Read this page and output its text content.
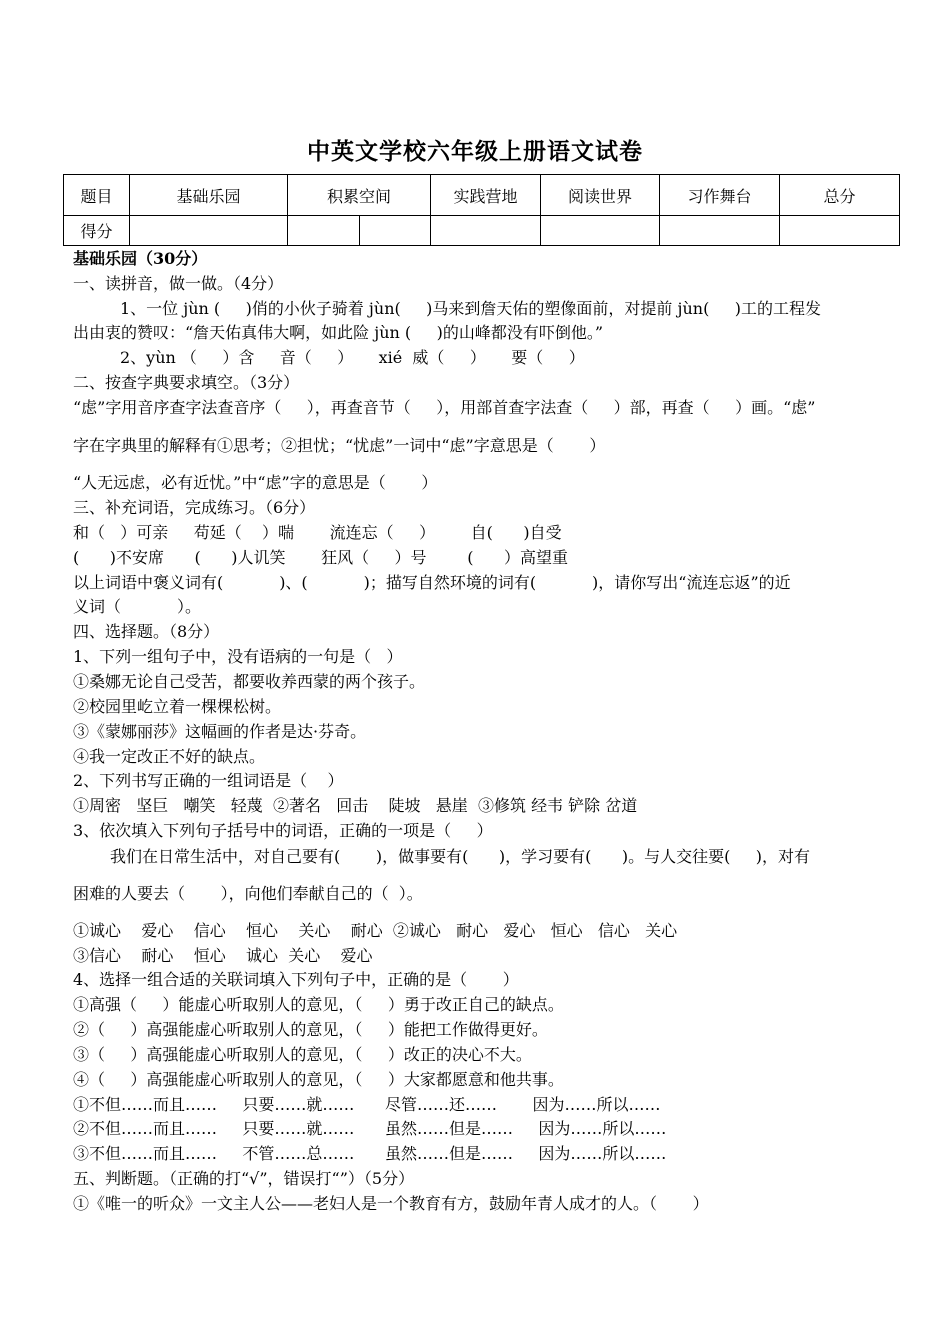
中英文学校六年级上册语文试卷
题目	基础乐园	积累空间		实践营地	阅读世界	习作舞台	总分
得分							
基础乐园（30分）
一、读拼音，做一做。（4分）
1、一位 jùn (     )俏的小伙子骑着 jùn(     )马来到詹天佑的塑像面前，对提前 jùn(     )工的工程发
出由衷的赞叹：“詹天佑真伟大啊，如此险 jùn (     )的山峰都没有吓倒他。”
2、yùn （     ）含     音（     ）     xié  威（     ）     要（     ）
二、按查字典要求填空。（3分）
“虑”字用音序查字法查音序（     ），再查音节（     ），用部首查字法查（     ）部，再查（     ）画。“虑”
字在字典里的解释有①思考；②担忧；“忧虑”一词中“虑”字意思是（       ）
“人无远虑，必有近忧。”中“虑”字的意思是（       ）
三、补充词语，完成练习。（6分）
和（   ）可亲     苟延（    ）喘       流连忘（     ）       自(      )自受
(      )不安席      (      )人讥笑       狂风（     ）号        (      ）高望重
以上词语中褒义词有(           )、(           )；描写自然环境的词有(           )，请你写出“流连忘返”的近
义词（           ）。
四、选择题。（8分）
1、下列一组句子中，没有语病的一句是（   ）
①桑娜无论自己受苦，都要收养西蒙的两个孩子。
②校园里屹立着一棵棵松树。
③《蒙娜丽莎》这幅画的作者是达·芬奇。
④我一定改正不好的缺点。
2、下列书写正确的一组词语是（    ）
①周密   坚巨   嘲笑   轻蔑  ②著名   回击    陡坡   悬崖  ③修筑 经韦 铲除 岔道
3、依次填入下列句子括号中的词语，正确的一项是（     ）
我们在日常生活中，对自己要有(       )，做事要有(      )，学习要有(      )。与人交往要(     )，对有
困难的人要去（       ），向他们奉献自己的（  ）。
①诚心    爱心    信心    恒心    关心    耐心  ②诚心   耐心   爱心   恒心   信心   关心
③信心    耐心    恒心    诚心  关心    爱心
4、选择一组合适的关联词填入下列句子中，正确的是（       ）
①高强（     ）能虚心听取别人的意见，（     ）勇于改正自己的缺点。
②（     ）高强能虚心听取别人的意见，（     ）能把工作做得更好。
③（     ）高强能虚心听取别人的意见，（     ）改正的决心不大。
④（     ）高强能虚心听取别人的意见，（     ）大家都愿意和他共事。
①不但……而且……     只要……就……      尽管……还……       因为……所以……
②不但……而且……     只要……就……      虽然……但是……     因为……所以……
③不但……而且……     不管……总……      虽然……但是……     因为……所以……
五、判断题。（正确的打“√”，错误打“”）（5分）
①《唯一的听众》一文主人公——老妇人是一个教育有方，鼓励年青人成才的人。（       ）
